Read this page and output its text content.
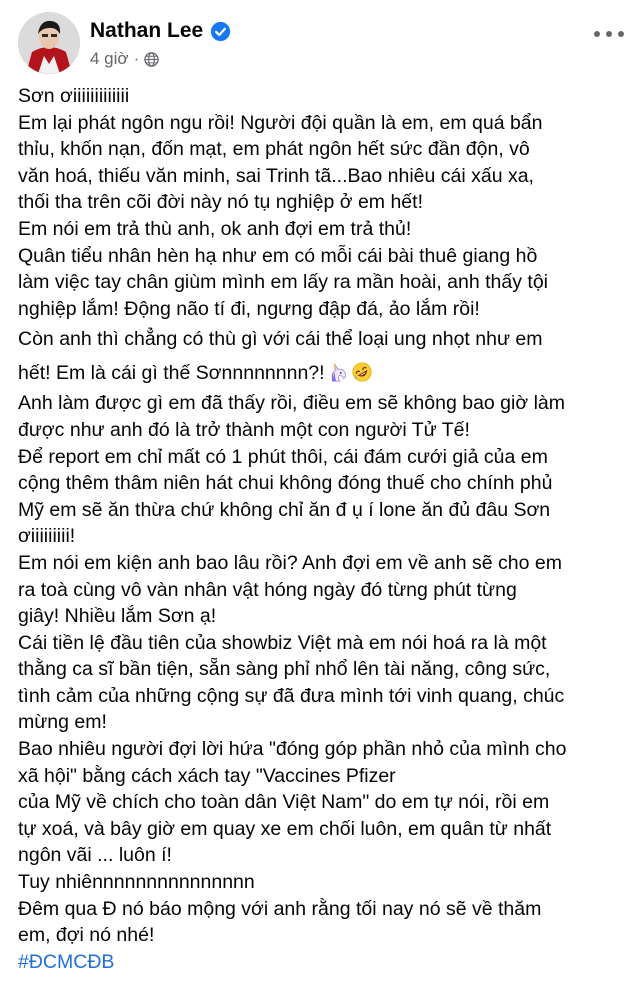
Nathan Lee
4 giờ ·
Sơn ơiiiiiiiiiiiii
Em lại phát ngôn ngu rồi! Người đội quần là em, em quá bẩn
thỉu, khốn nạn, đốn mạt, em phát ngôn hết sức đần độn, vô
văn hoá, thiếu văn minh, sai Trinh tã...Bao nhiêu cái xấu xa,
thối tha trên cõi đời này nó tụ nghiệp ở em hết!
Em nói em trả thù anh, ok anh đợi em trả thủ!
Quân tiểu nhân hèn hạ như em có mỗi cái bài thuê giang hồ
làm việc tay chân giùm mình em lấy ra mần hoài, anh thấy tội
nghiệp lắm! Động não tí đi, ngưng đập đá, ảo lắm rồi!
Còn anh thì chẳng có thù gì với cái thể loại ung nhọt như em
hết! Em là cái gì thế Sơnnnnnnnn?!
Anh làm được gì em đã thấy rồi, điều em sẽ không bao giờ làm
được như anh đó là trở thành một con người Tử Tế!
Để report em chỉ mất có 1 phút thôi, cái đám cưới giả của em
cộng thêm thâm niên hát chui không đóng thuế cho chính phủ
Mỹ em sẽ ăn thừa chứ không chỉ ăn đ ụ í lone ăn đủ đâu Sơn
ơiiiiiiiii!
Em nói em kiện anh bao lâu rồi? Anh đợi em về anh sẽ cho em
ra toà cùng vô vàn nhân vật hóng ngày đó từng phút từng
giây! Nhiều lắm Sơn ạ!
Cái tiền lệ đầu tiên của showbiz Việt mà em nói hoá ra là một
thằng ca sĩ bần tiện, sẵn sàng phỉ nhổ lên tài năng, công sức,
tình cảm của những cộng sự đã đưa mình tới vinh quang, chúc
mừng em!
Bao nhiêu người đợi lời hứa "đóng góp phần nhỏ của mình cho
xã hội" bằng cách xách tay "Vaccines Pfizer
của Mỹ về chích cho toàn dân Việt Nam" do em tự nói, rồi em
tự xoá, và bây giờ em quay xe em chối luôn, em quân từ nhất
ngôn vãi ... luôn í!
Tuy nhiênnnnnnnnnnnnnnn
Đêm qua Đ nó báo mộng với anh rằng tối nay nó sẽ về thăm
em, đợi nó nhé!
#ĐCMCĐB
